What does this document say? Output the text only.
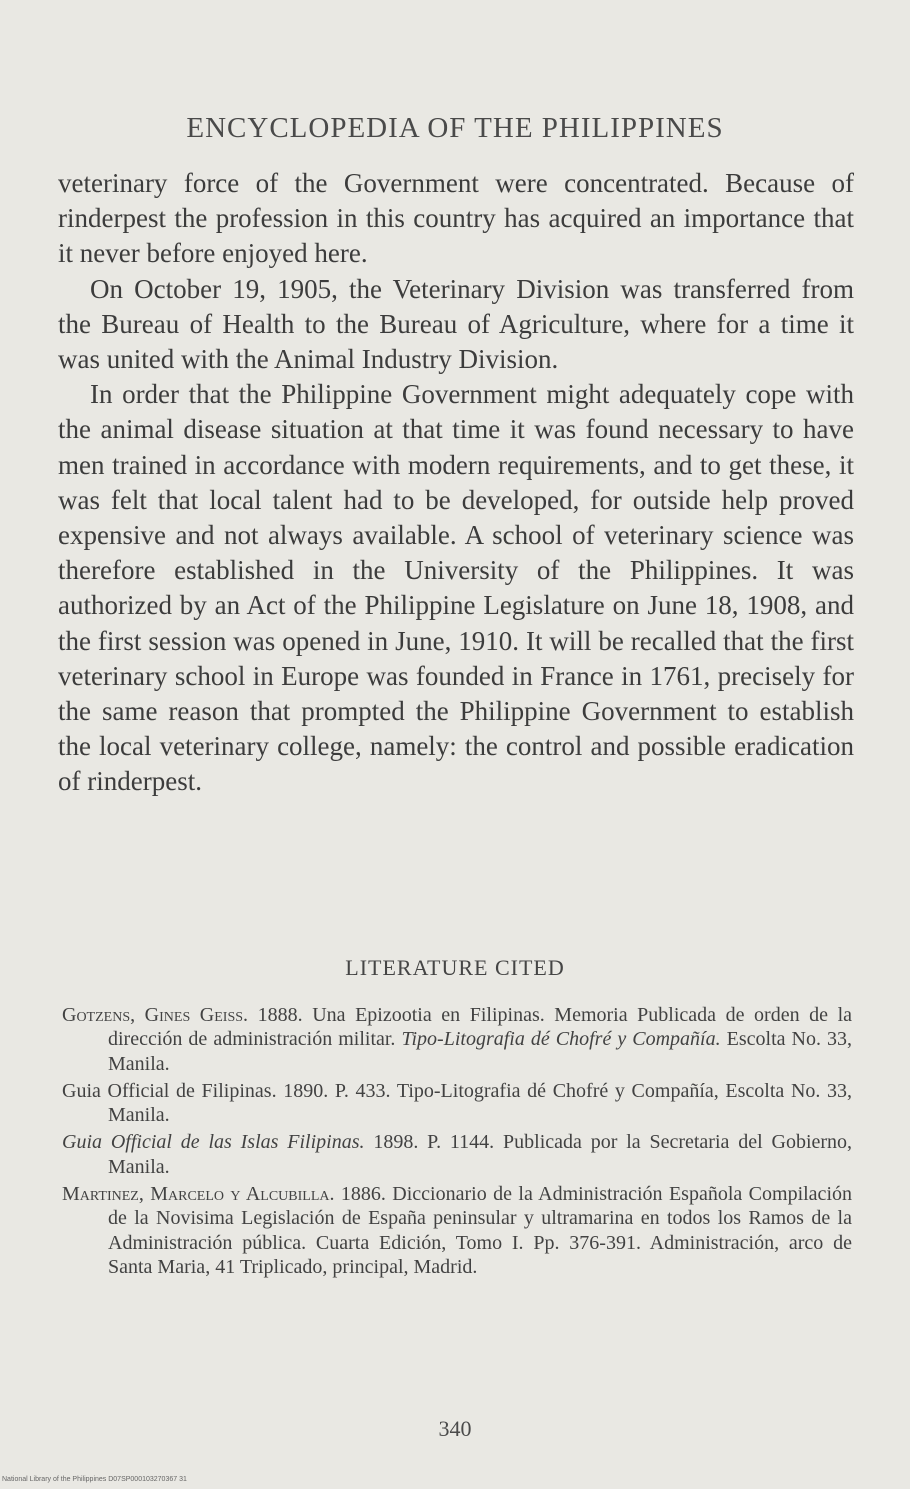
ENCYCLOPEDIA OF THE PHILIPPINES

veterinary force of the Government were concentrated. Because of rinderpest the profession in this country has acquired an importance that it never before enjoyed here.

On October 19, 1905, the Veterinary Division was transferred from the Bureau of Health to the Bureau of Agriculture, where for a time it was united with the Animal Industry Division.

In order that the Philippine Government might adequately cope with the animal disease situation at that time it was found necessary to have men trained in accordance with modern requirements, and to get these, it was felt that local talent had to be developed, for outside help proved expensive and not always available. A school of veterinary science was therefore established in the University of the Philippines. It was authorized by an Act of the Philippine Legislature on June 18, 1908, and the first session was opened in June, 1910. It will be recalled that the first veterinary school in Europe was founded in France in 1761, precisely for the same reason that prompted the Philippine Government to establish the local veterinary college, namely: the control and possible eradication of rinderpest.

LITERATURE CITED
Gotzens, Gines Geiss. 1888. Una Epizootia en Filipinas. Memoria Publicada de orden de la dirección de administración militar. Tipo-Litografia dé Chofré y Compañía. Escolta No. 33, Manila.
Guia Official de Filipinas. 1890. P. 433. Tipo-Litografia dé Chofré y Compañía, Escolta No. 33, Manila.
Guia Official de las Islas Filipinas. 1898. P. 1144. Publicada por la Secretaria del Gobierno, Manila.
Martinez, Marcelo y Alcubilla. 1886. Diccionario de la Administración Española Compilación de la Novisima Legislación de España peninsular y ultramarina en todos los Ramos de la Administración pública. Cuarta Edición, Tomo I. Pp. 376-391. Administración, arco de Santa Maria, 41 Triplicado, principal, Madrid.
340
National Library of the Philippines D07SP000103270367 31
